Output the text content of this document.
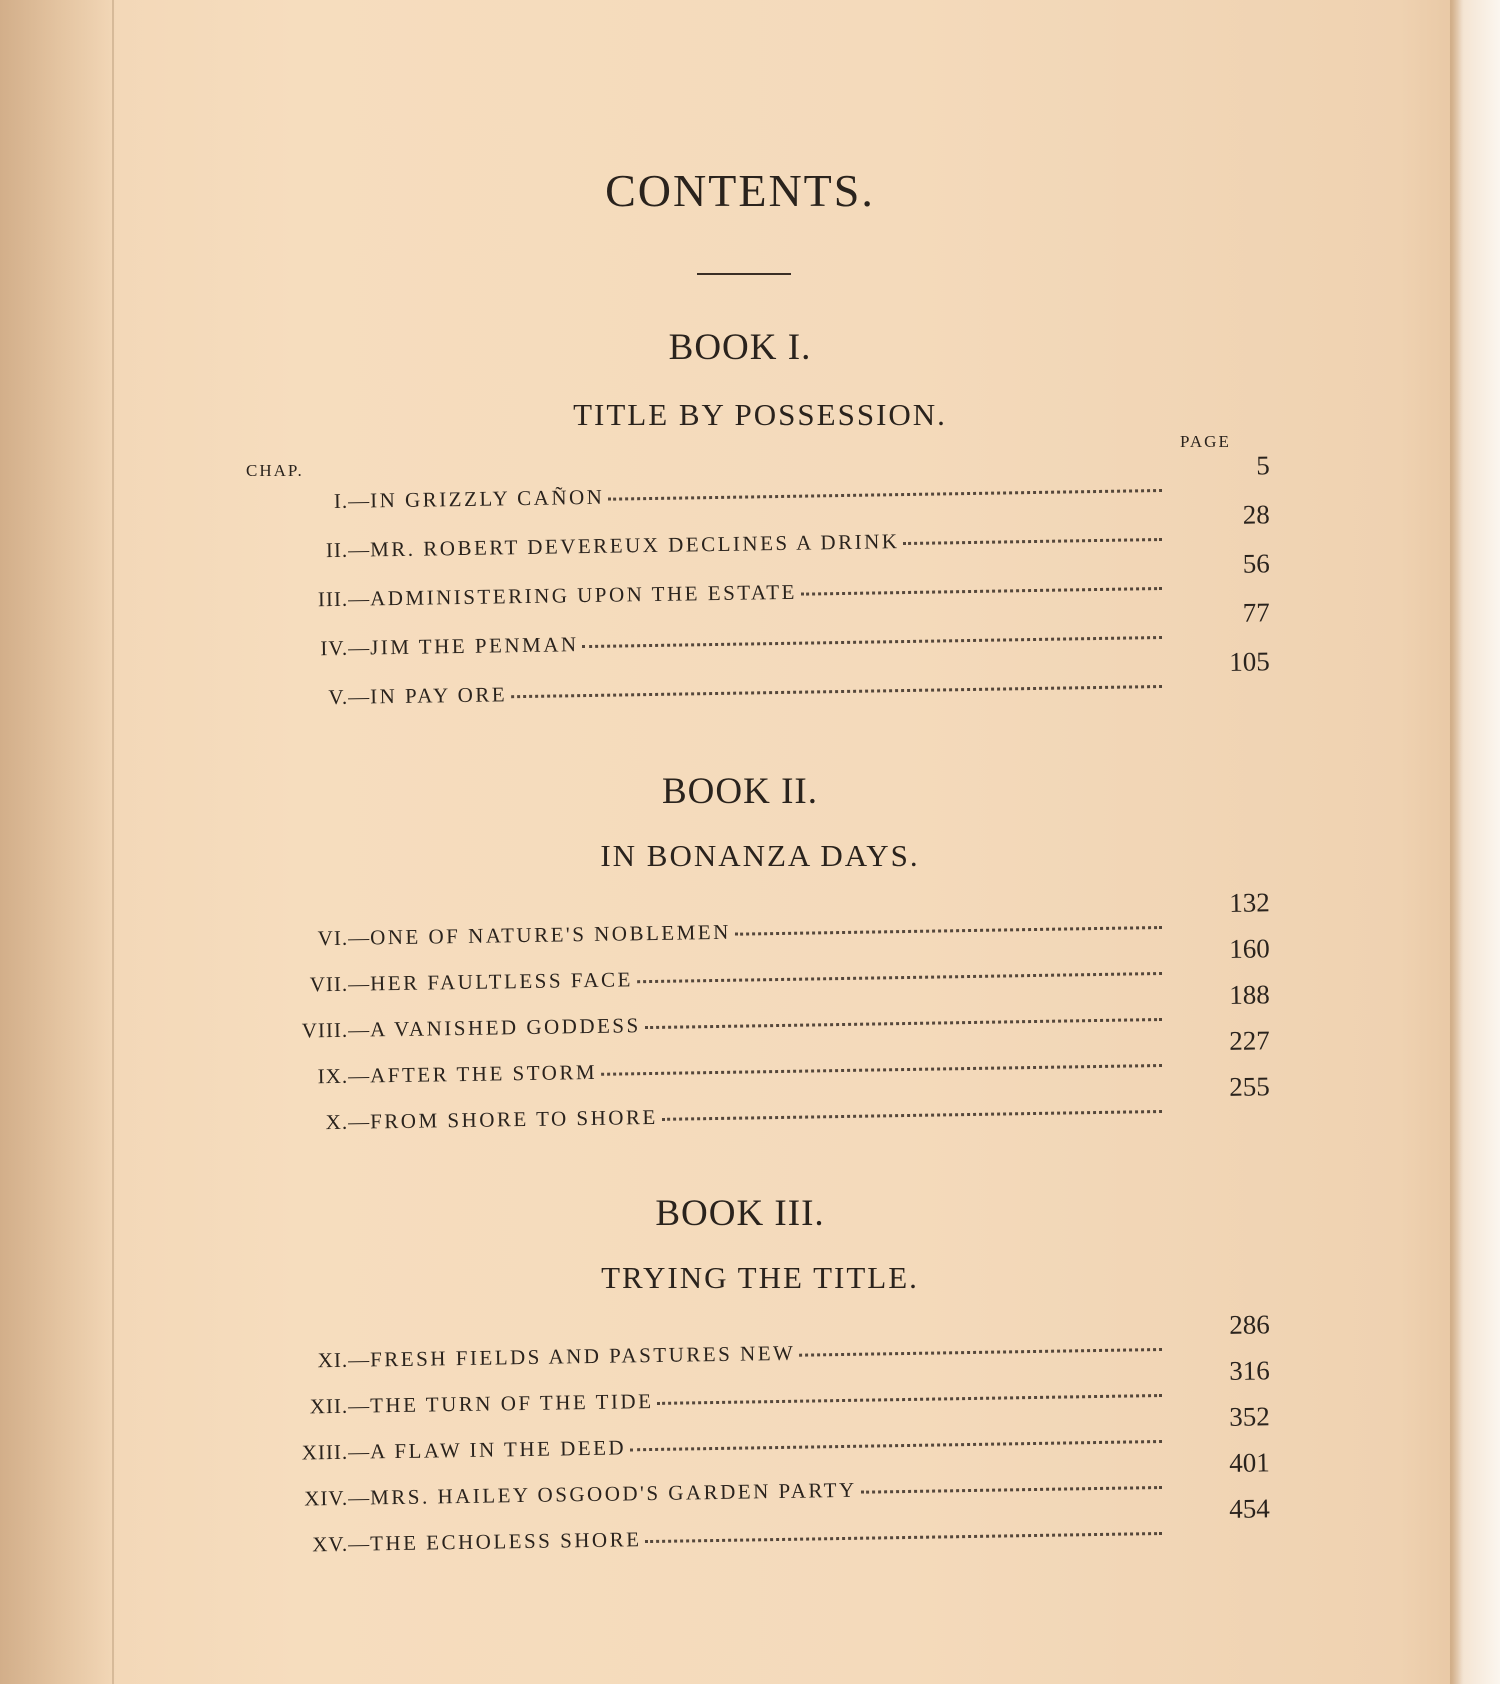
CONTENTS.
BOOK I.
TITLE BY POSSESSION.
PAGE
CHAP.
I.— IN GRIZZLY CAÑON
5
II.— MR. ROBERT DEVEREUX DECLINES A DRINK
28
III.— ADMINISTERING UPON THE ESTATE
56
IV.— JIM THE PENMAN
77
V.— IN PAY ORE
105
BOOK II.
IN BONANZA DAYS.
VI.— ONE OF NATURE'S NOBLEMEN
132
VII.— HER FAULTLESS FACE
160
VIII.— A VANISHED GODDESS
188
IX.— AFTER THE STORM
227
X.— FROM SHORE TO SHORE
255
BOOK III.
TRYING THE TITLE.
XI.— FRESH FIELDS AND PASTURES NEW
286
XII.— THE TURN OF THE TIDE
316
XIII.— A FLAW IN THE DEED
352
XIV.— MRS. HAILEY OSGOOD'S GARDEN PARTY
401
XV.— THE ECHOLESS SHORE
454
